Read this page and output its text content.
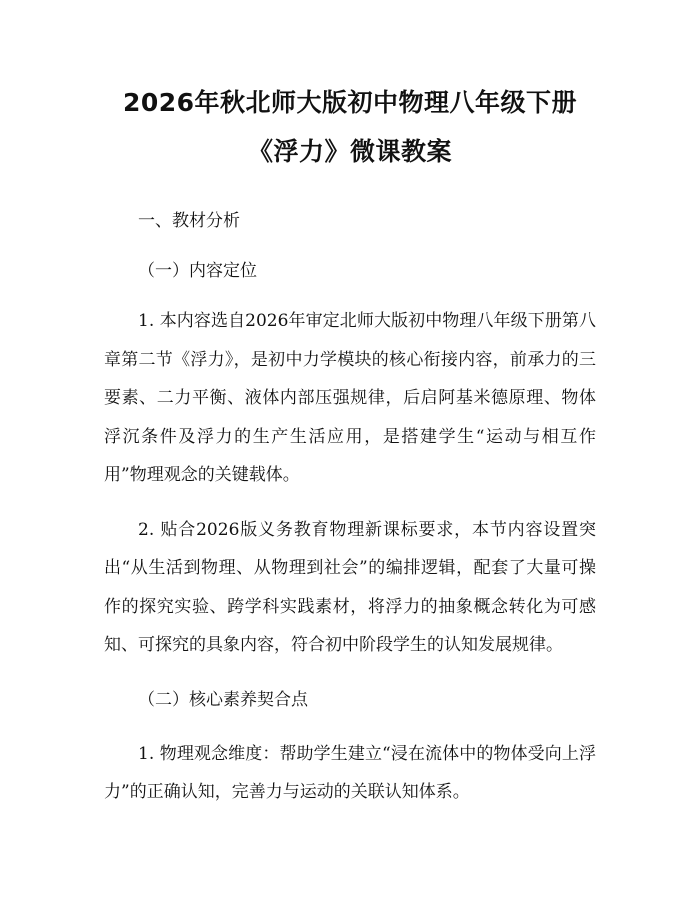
2026年秋北师大版初中物理八年级下册《浮力》微课教案

一、教材分析

（一）内容定位

1. 本内容选自2026年审定北师大版初中物理八年级下册第八章第二节《浮力》，是初中力学模块的核心衔接内容，前承力的三要素、二力平衡、液体内部压强规律，后启阿基米德原理、物体浮沉条件及浮力的生产生活应用，是搭建学生“运动与相互作用”物理观念的关键载体。

2. 贴合2026版义务教育物理新课标要求，本节内容设置突出“从生活到物理、从物理到社会”的编排逻辑，配套了大量可操作的探究实验、跨学科实践素材，将浮力的抽象概念转化为可感知、可探究的具象内容，符合初中阶段学生的认知发展规律。

（二）核心素养契合点

1. 物理观念维度：帮助学生建立“浸在流体中的物体受向上浮力”的正确认知，完善力与运动的关联认知体系。
